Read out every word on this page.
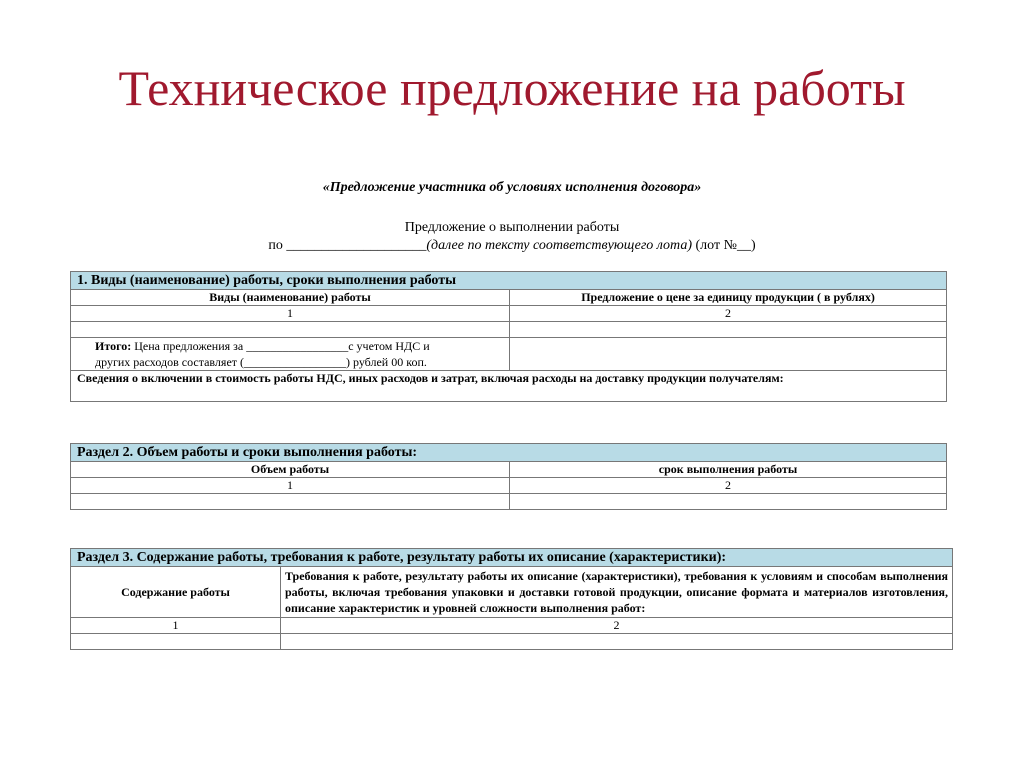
Техническое предложение на работы
«Предложение участника об условиях исполнения договора»
Предложение о выполнении работы
по ____________________(далее по тексту соответствующего лота) (лот №__)
1. Виды (наименование) работы, сроки выполнения работы	
Виды (наименование) работы	Предложение о цене за единицу продукции ( в рублях)
1	2

Итого: Цена предложения за _________________с учетом НДС и
других расходов составляет (_________________) рублей 00 коп.	
Сведения о включении в стоимость работы НДС, иных расходов и затрат, включая расходы на доставку продукции получателям:	
Раздел 2. Объем работы и сроки выполнения работы:	
Объем работы	срок выполнения работы
1	2

Раздел 3. Содержание работы, требования к работе, результату работы их описание (характеристики):	
Содержание работы	Требования к работе, результату работы их описание (характеристики), требования к условиям и способам выполнения работы, включая требования упаковки и доставки готовой продукции, описание формата и материалов изготовления, описание характеристик и уровней сложности выполнения работ:
1	2
